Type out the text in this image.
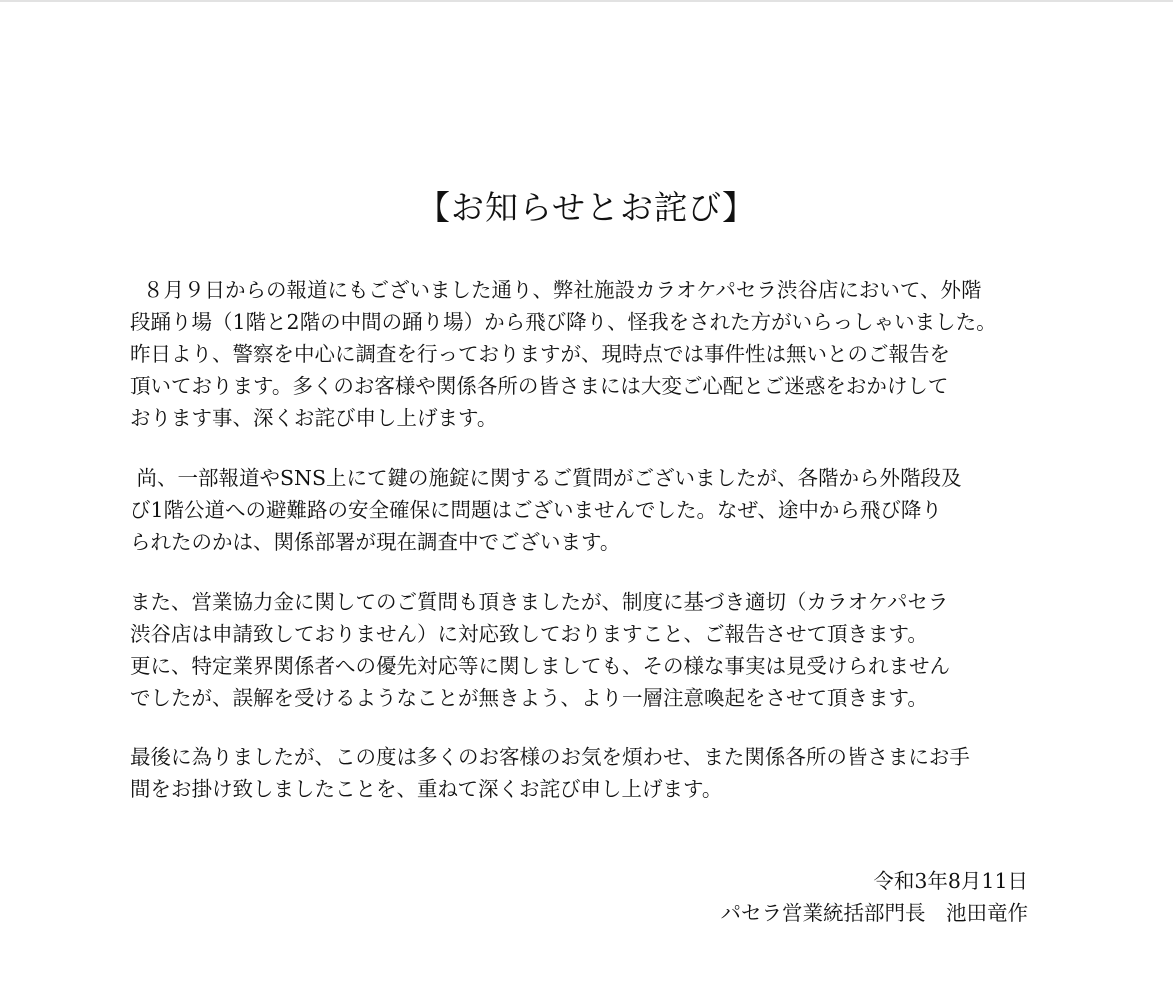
【お知らせとお詫び】
８月９日からの報道にもございました通り、弊社施設カラオケパセラ渋谷店において、外階
段踊り場（1階と2階の中間の踊り場）から飛び降り、怪我をされた方がいらっしゃいました。
昨日より、警察を中心に調査を行っておりますが、現時点では事件性は無いとのご報告を
頂いております。多くのお客様や関係各所の皆さまには大変ご心配とご迷惑をおかけして
おります事、深くお詫び申し上げます。
尚、一部報道やSNS上にて鍵の施錠に関するご質問がございましたが、各階から外階段及
び1階公道への避難路の安全確保に問題はございませんでした。なぜ、途中から飛び降り
られたのかは、関係部署が現在調査中でございます。
また、営業協力金に関してのご質問も頂きましたが、制度に基づき適切（カラオケパセラ
渋谷店は申請致しておりません）に対応致しておりますこと、ご報告させて頂きます。
更に、特定業界関係者への優先対応等に関しましても、その様な事実は見受けられません
でしたが、誤解を受けるようなことが無きよう、より一層注意喚起をさせて頂きます。
最後に為りましたが、この度は多くのお客様のお気を煩わせ、また関係各所の皆さまにお手
間をお掛け致しましたことを、重ねて深くお詫び申し上げます。
令和3年8月11日
パセラ営業統括部門長　池田竜作
